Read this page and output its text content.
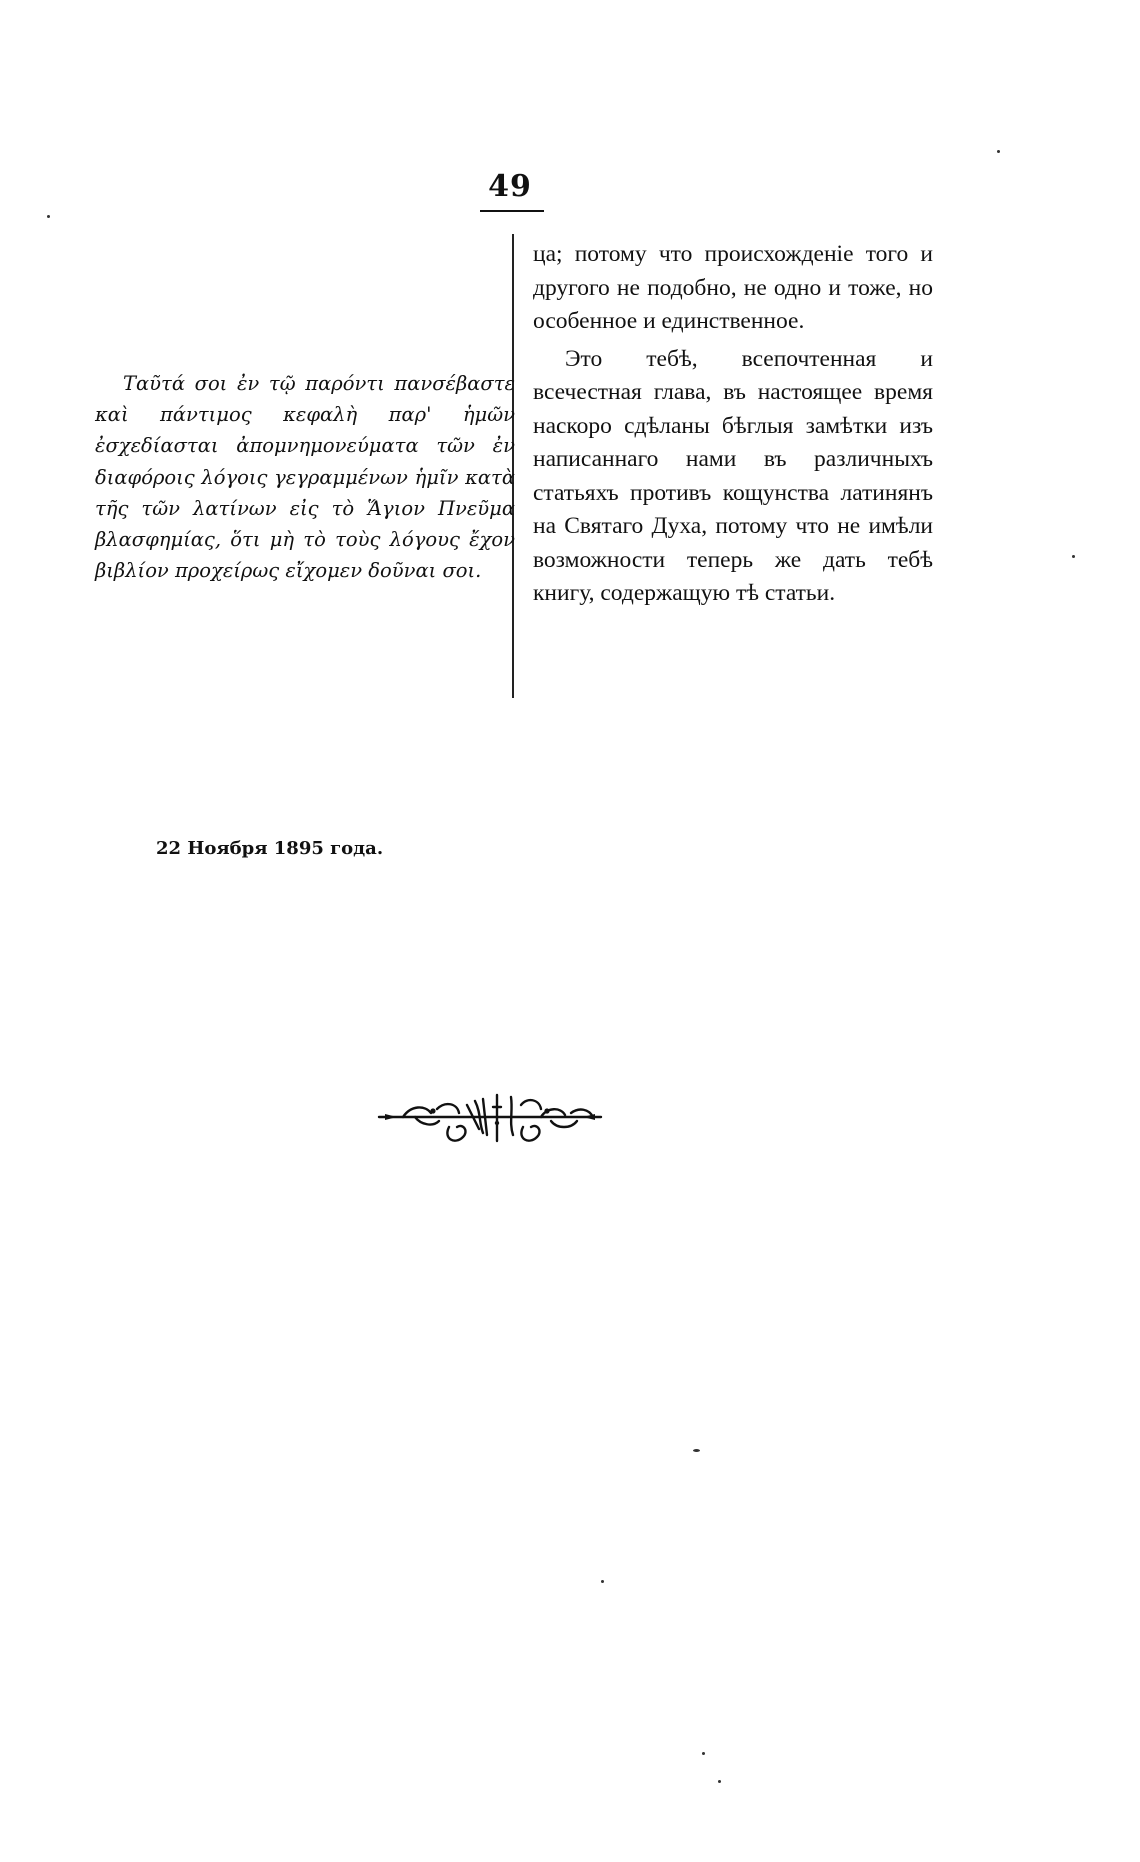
49

Ταῦτά σοι ἐν τῷ παρόντι πανσέβαστε καὶ πάντιμος κεφαλὴ παρ' ἡμῶν ἐσχεδίασται ἀπομνημονεύματα τῶν ἐν διαφόροις λόγοις γεγραμμένων ἡμῖν κατὰ τῆς τῶν λατίνων εἰς τὸ Ἅγιον Πνεῦμα βλασφημίας, ὅτι μὴ τὸ τοὺς λόγους ἔχον βιβλίον προχείρως εἴχομεν δοῦναι σοι.

ца; потому что происхожденіе того и другого не подобно, не одно и тоже, но особенное и единственное.

Это тебѣ, всепочтенная и всечестная глава, въ настоящее время наскоро сдѣланы бѣглыя замѣтки изъ написаннаго нами въ различныхъ статьяхъ противъ кощунства латинянъ на Святаго Духа, потому что не имѣли возможности теперь же дать тебѣ книгу, содержащую тѣ статьи.

22 Ноября 1895 года.
